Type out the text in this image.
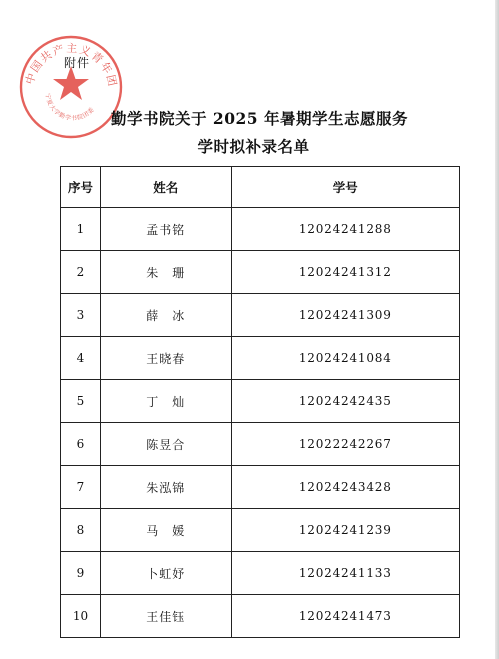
中国共产主义青年团
宁夏大学勤学书院团委
附件
勤学书院关于 2025 年暑期学生志愿服务
学时拟补录名单
序号	姓名	学号
1	孟书铭	12024241288
2	朱　珊	12024241312
3	薛　冰	12024241309
4	王晓春	12024241084
5	丁　灿	12024242435
6	陈昱合	12022242267
7	朱泓锦	12024243428
8	马　媛	12024241239
9	卜虹妤	12024241133
10	王佳钰	12024241473
